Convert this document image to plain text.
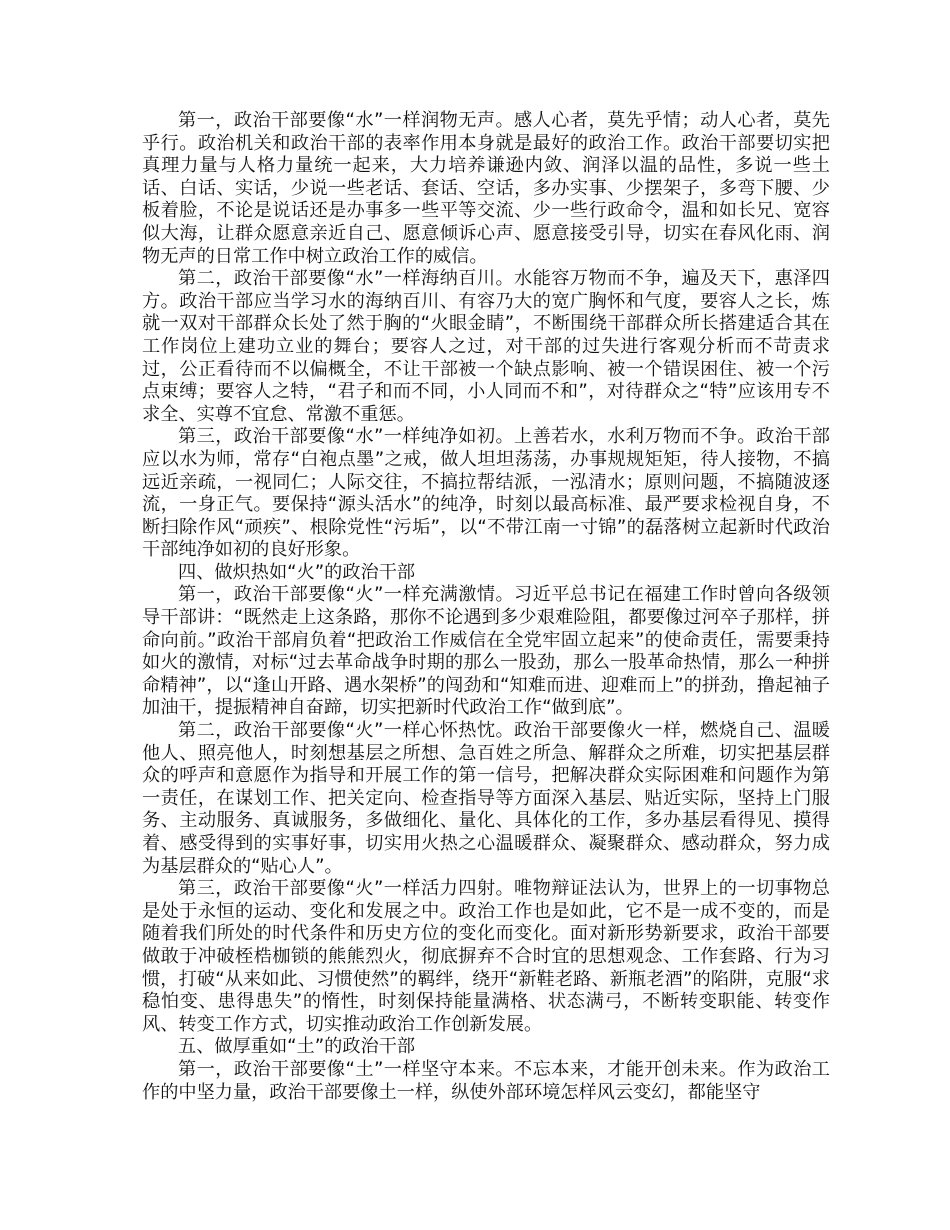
第一，政治干部要像“水”一样润物无声。感人心者，莫先乎情；动人心者，莫先乎行。政治机关和政治干部的表率作用本身就是最好的政治工作。政治干部要切实把真理力量与人格力量统一起来，大力培养谦逊内敛、润泽以温的品性，多说一些土话、白话、实话，少说一些老话、套话、空话，多办实事、少摆架子，多弯下腰、少板着脸，不论是说话还是办事多一些平等交流、少一些行政命令，温和如长兄、宽容似大海，让群众愿意亲近自己、愿意倾诉心声、愿意接受引导，切实在春风化雨、润物无声的日常工作中树立政治工作的威信。

第二，政治干部要像“水”一样海纳百川。水能容万物而不争，遍及天下，惠泽四方。政治干部应当学习水的海纳百川、有容乃大的宽广胸怀和气度，要容人之长，炼就一双对干部群众长处了然于胸的“火眼金睛”，不断围绕干部群众所长搭建适合其在工作岗位上建功立业的舞台；要容人之过，对干部的过失进行客观分析而不苛责求过，公正看待而不以偏概全，不让干部被一个缺点影响、被一个错误困住、被一个污点束缚；要容人之特，“君子和而不同，小人同而不和”，对待群众之“特”应该用专不求全、实尊不宜怠、常激不重惩。

第三，政治干部要像“水”一样纯净如初。上善若水，水利万物而不争。政治干部应以水为师，常存“白袍点墨”之戒，做人坦坦荡荡，办事规规矩矩，待人接物，不搞远近亲疏，一视同仁；人际交往，不搞拉帮结派，一泓清水；原则问题，不搞随波逐流，一身正气。要保持“源头活水”的纯净，时刻以最高标准、最严要求检视自身，不断扫除作风“顽疾”、根除党性“污垢”，以“不带江南一寸锦”的磊落树立起新时代政治干部纯净如初的良好形象。

四、做炽热如“火”的政治干部

第一，政治干部要像“火”一样充满激情。习近平总书记在福建工作时曾向各级领导干部讲：“既然走上这条路，那你不论遇到多少艰难险阻，都要像过河卒子那样，拼命向前。”政治干部肩负着“把政治工作威信在全党牢固立起来”的使命责任，需要秉持如火的激情，对标“过去革命战争时期的那么一股劲，那么一股革命热情，那么一种拼命精神”，以“逢山开路、遇水架桥”的闯劲和“知难而进、迎难而上”的拼劲，撸起袖子加油干，提振精神自奋蹄，切实把新时代政治工作“做到底”。

第二，政治干部要像“火”一样心怀热忱。政治干部要像火一样，燃烧自己、温暖他人、照亮他人，时刻想基层之所想、急百姓之所急、解群众之所难，切实把基层群众的呼声和意愿作为指导和开展工作的第一信号，把解决群众实际困难和问题作为第一责任，在谋划工作、把关定向、检查指导等方面深入基层、贴近实际，坚持上门服务、主动服务、真诚服务，多做细化、量化、具体化的工作，多办基层看得见、摸得着、感受得到的实事好事，切实用火热之心温暖群众、凝聚群众、感动群众，努力成为基层群众的“贴心人”。

第三，政治干部要像“火”一样活力四射。唯物辩证法认为，世界上的一切事物总是处于永恒的运动、变化和发展之中。政治工作也是如此，它不是一成不变的，而是随着我们所处的时代条件和历史方位的变化而变化。面对新形势新要求，政治干部要做敢于冲破桎梏枷锁的熊熊烈火，彻底摒弃不合时宜的思想观念、工作套路、行为习惯，打破“从来如此、习惯使然”的羁绊，绕开“新鞋老路、新瓶老酒”的陷阱，克服“求稳怕变、患得患失”的惰性，时刻保持能量满格、状态满弓，不断转变职能、转变作风、转变工作方式，切实推动政治工作创新发展。

五、做厚重如“土”的政治干部

第一，政治干部要像“土”一样坚守本来。不忘本来，才能开创未来。作为政治工作的中坚力量，政治干部要像土一样，纵使外部环境怎样风云变幻，都能坚守
